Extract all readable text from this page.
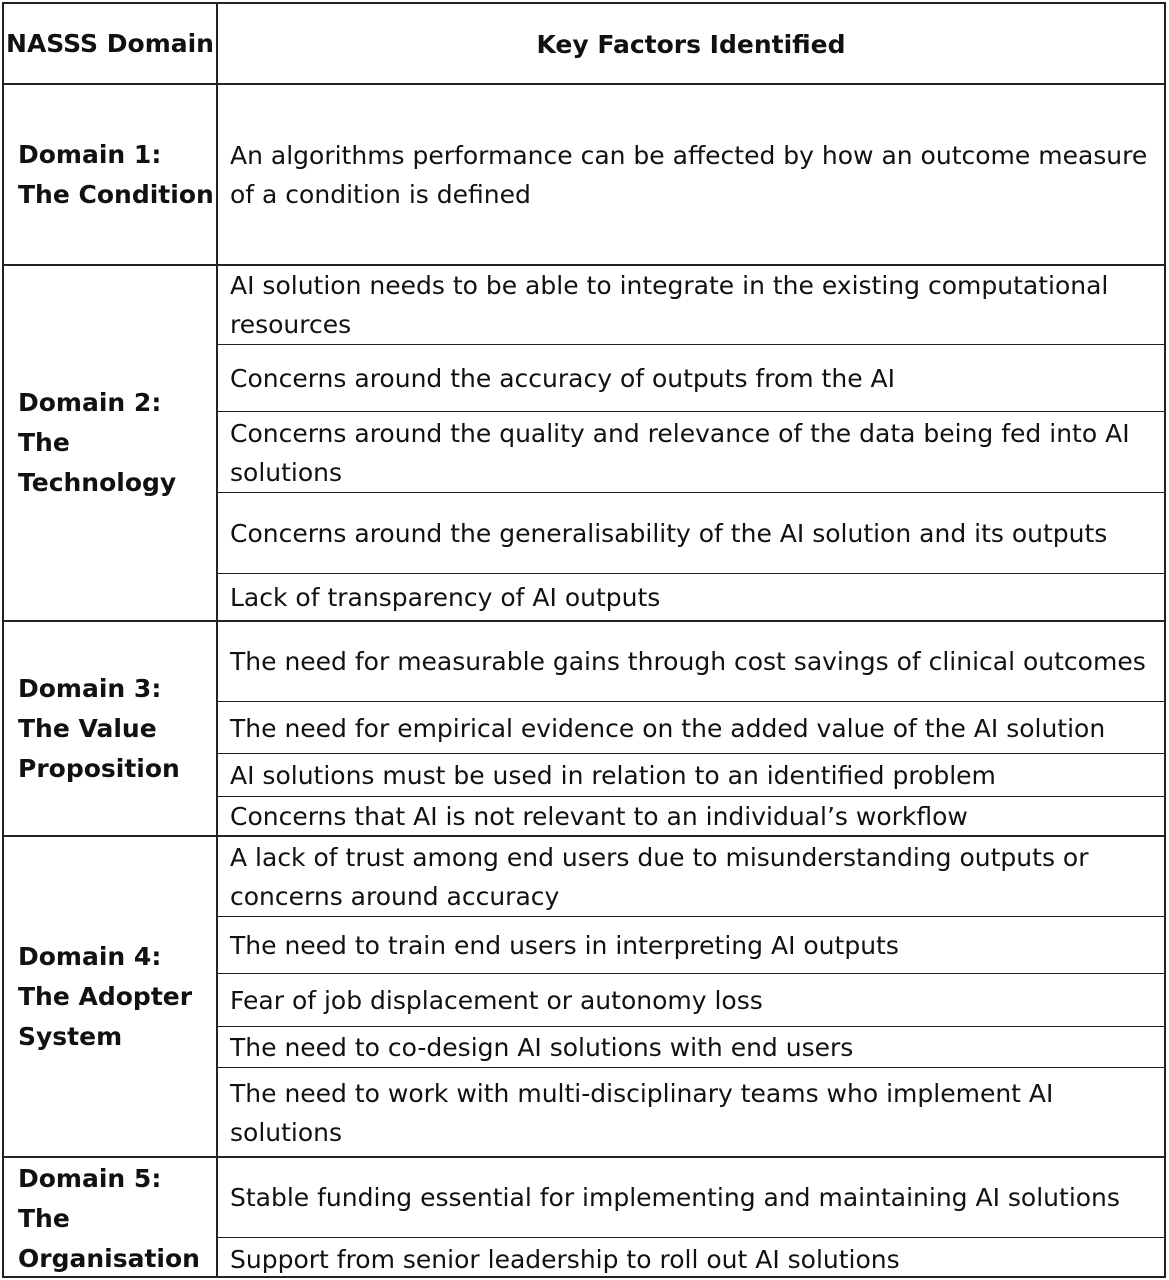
NASSS Domain	Key Factors Identified
Domain 1: The Condition
Domain 2: The Technology
Domain 3: The Value Proposition
Domain 4: The Adopter System
Domain 5: The Organisation
An algorithms performance can be affected by how an outcome measure of a condition is defined
AI solution needs to be able to integrate in the existing computational resources
Concerns around the accuracy of outputs from the AI
Concerns around the quality and relevance of the data being fed into AI solutions
Concerns around the generalisability of the AI solution and its outputs
Lack of transparency of AI outputs
The need for measurable gains through cost savings of clinical outcomes
The need for empirical evidence on the added value of the AI solution
AI solutions must be used in relation to an identified problem
Concerns that AI is not relevant to an individual’s workflow
A lack of trust among end users due to misunderstanding outputs or concerns around accuracy
The need to train end users in interpreting AI outputs
Fear of job displacement or autonomy loss
The need to co-design AI solutions with end users
The need to work with multi-disciplinary teams who implement AI solutions
Stable funding essential for implementing and maintaining AI solutions
Support from senior leadership to roll out AI solutions
